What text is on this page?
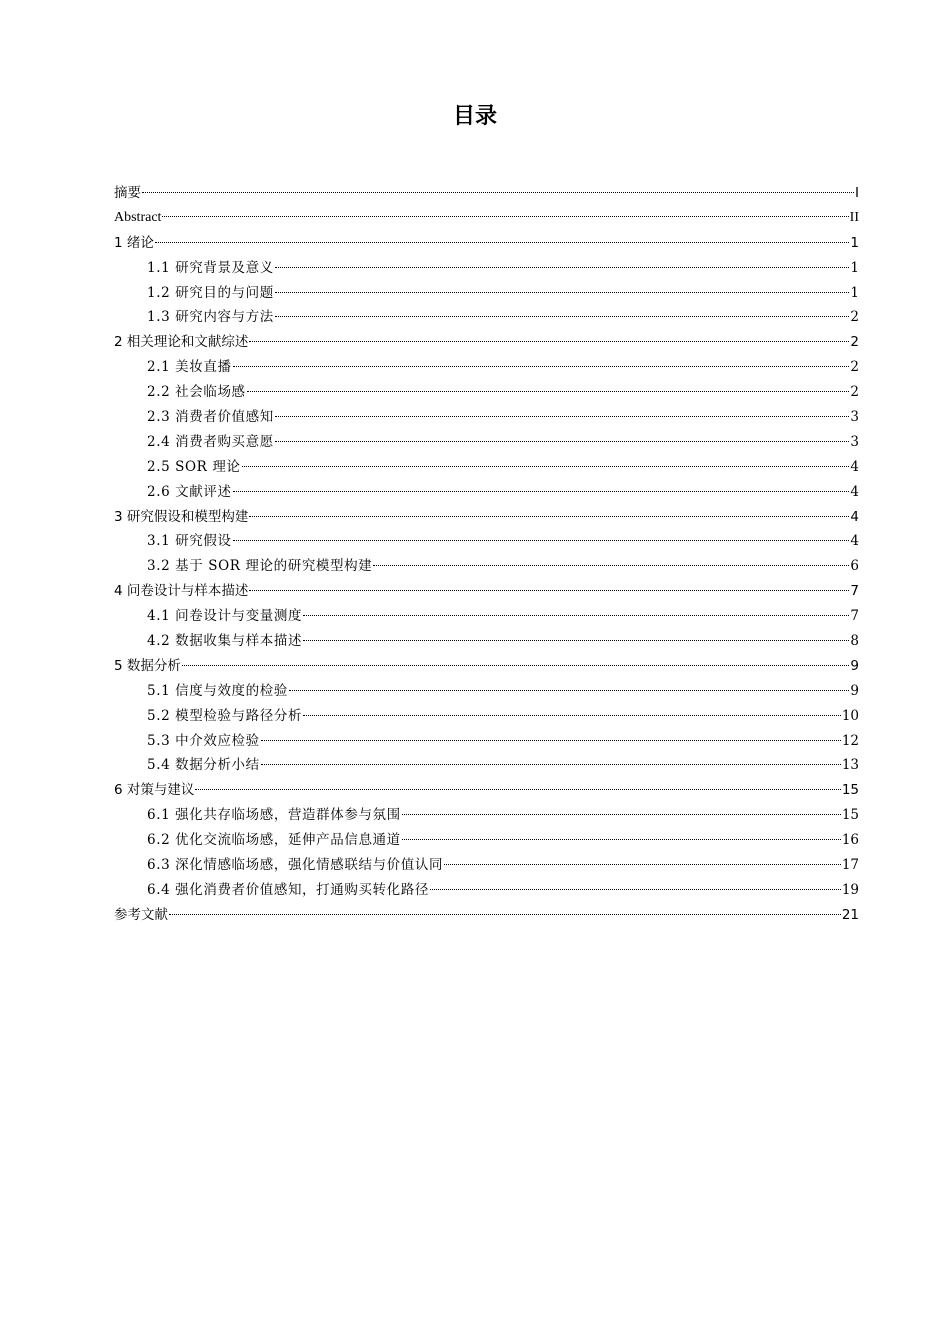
目录
摘要	I
Abstract	II
1 绪论	1
1.1 研究背景及意义	1
1.2 研究目的与问题	1
1.3 研究内容与方法	2
2 相关理论和文献综述	2
2.1 美妆直播	2
2.2 社会临场感	2
2.3 消费者价值感知	3
2.4 消费者购买意愿	3
2.5 SOR 理论	4
2.6 文献评述	4
3 研究假设和模型构建	4
3.1 研究假设	4
3.2 基于 SOR 理论的研究模型构建	6
4 问卷设计与样本描述	7
4.1 问卷设计与变量测度	7
4.2 数据收集与样本描述	8
5 数据分析	9
5.1 信度与效度的检验	9
5.2 模型检验与路径分析	10
5.3 中介效应检验	12
5.4 数据分析小结	13
6 对策与建议	15
6.1 强化共存临场感，营造群体参与氛围	15
6.2 优化交流临场感，延伸产品信息通道	16
6.3 深化情感临场感，强化情感联结与价值认同	17
6.4 强化消费者价值感知，打通购买转化路径	19
参考文献	21
